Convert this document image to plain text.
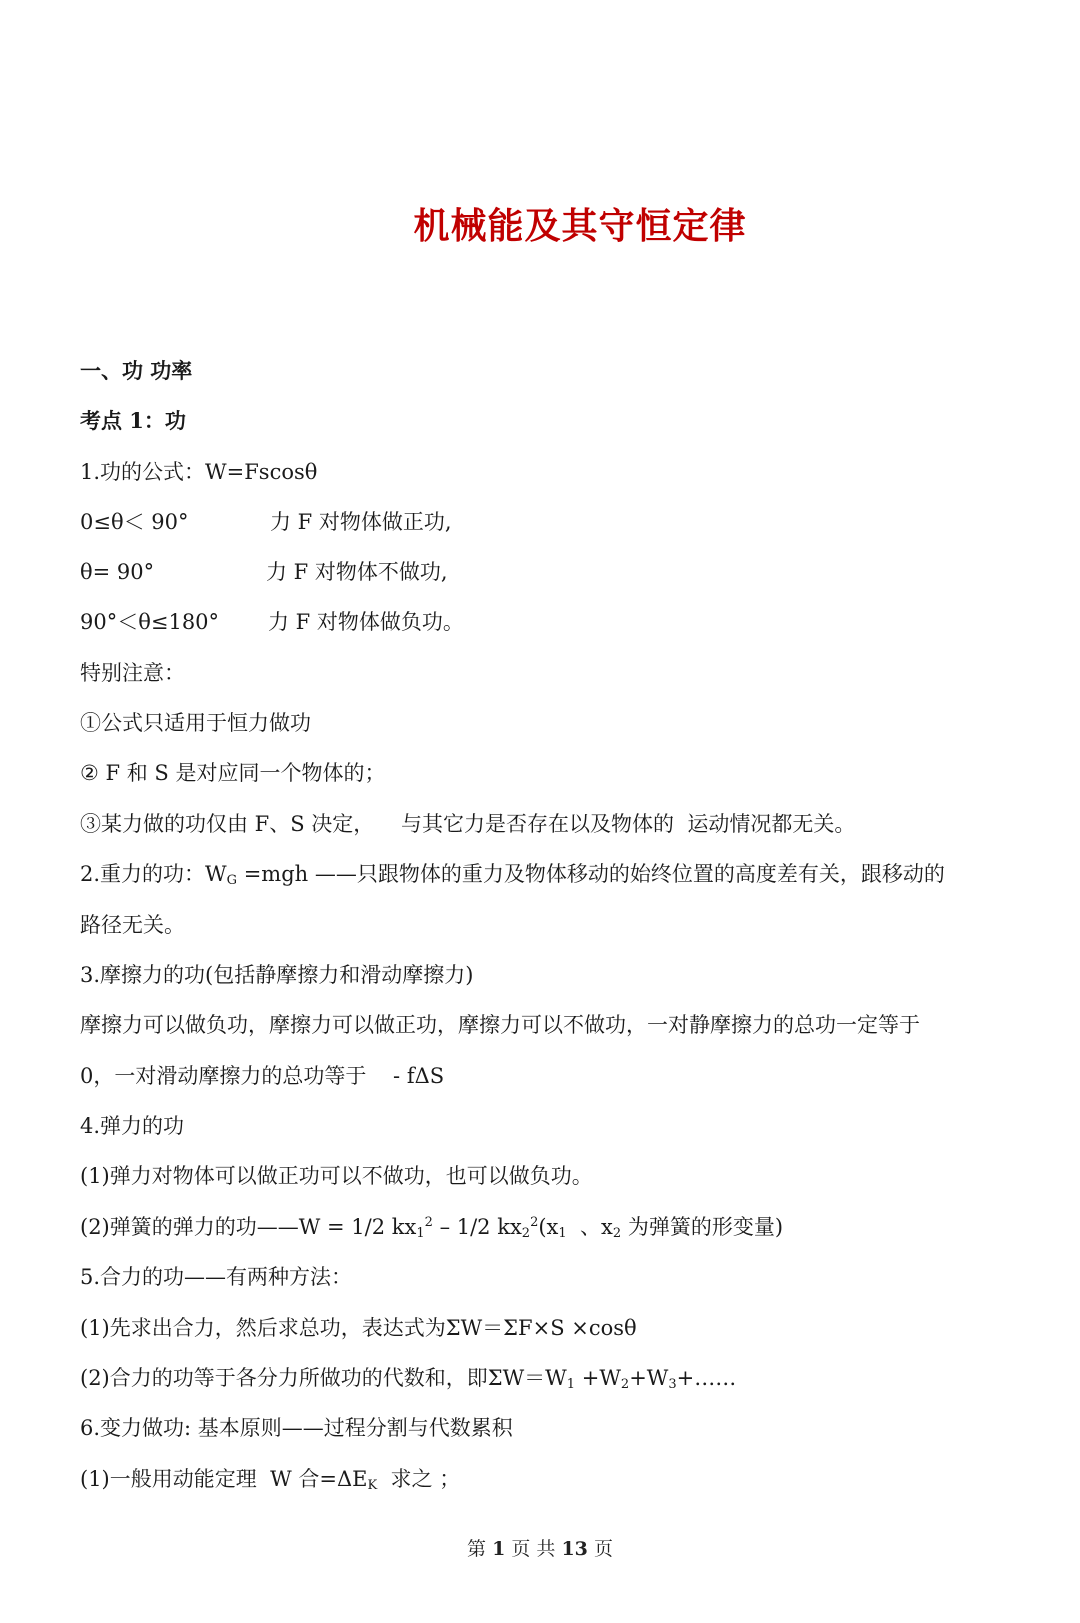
机械能及其守恒定律
一、功 功率
考点 1：功
1.功的公式：W=Fscosθ
0≤θ＜ 90°	力 F 对物体做正功,
θ= 90°	力 F 对物体不做功,
90°＜θ≤180° 力 F 对物体做负功。
特别注意：
①公式只适用于恒力做功
② F 和 S 是对应同一个物体的；
③某力做的功仅由 F、S 决定，    与其它力是否存在以及物体的  运动情况都无关。
2.重力的功：$W_G =mgh$ ——只跟物体的重力及物体移动的始终位置的高度差有关，跟移动的
路径无关。
3.摩擦力的功(包括静摩擦力和滑动摩擦力)
摩擦力可以做负功，摩擦力可以做正功，摩擦力可以不做功，一对静摩擦力的总功一定等于
0，一对滑动摩擦力的总功等于    - fΔS
4.弹力的功
(1)弹力对物体可以做正功可以不做功，也可以做负功。
(2)弹簧的弹力的功——W = 1/2 $kx_1^2 - 1/2$ $kx_2^2(x_1$  、$x_2$ 为弹簧的形变量)
5.合力的功——有两种方法：
(1)先求出合力，然后求总功，表达式为ΣW＝ΣF×S ×cosθ
(2)合力的功等于各分力所做功的代数和，即$\Sigma W=W_1$ $+W_2+W_3+\dots\dots$
6.变力做功: 基本原则——过程分割与代数累积
(1)一般用动能定理  W 合$=\Delta E_K$  求之 ；
第 1 页 共 13 页
